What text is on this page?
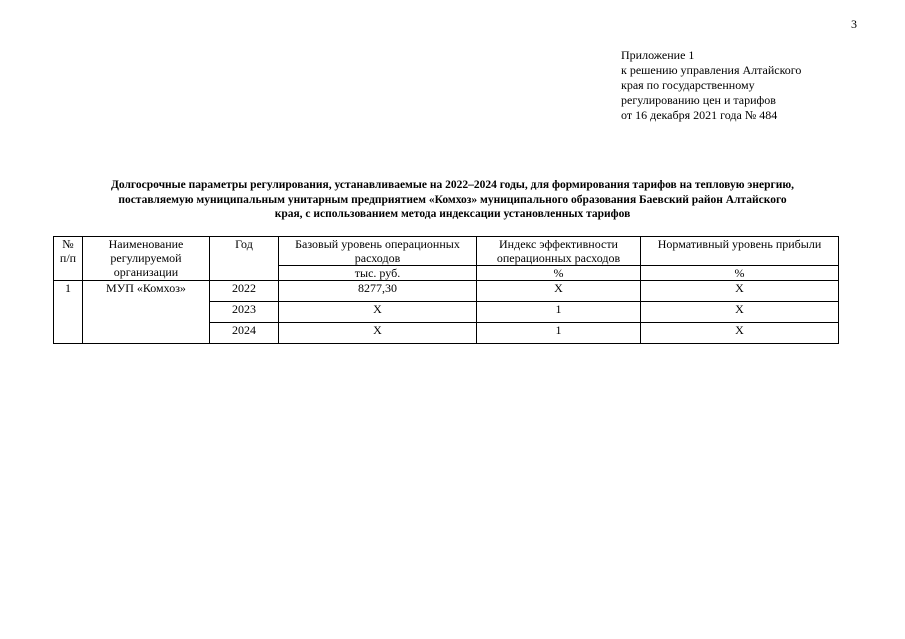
3
Приложение 1
к решению управления Алтайского
края по государственному
регулированию цен и тарифов
от 16 декабря 2021 года № 484
Долгосрочные параметры регулирования, устанавливаемые на 2022–2024 годы, для формирования тарифов на тепловую энергию,
поставляемую муниципальным унитарным предприятием «Комхоз» муниципального образования Баевский район Алтайского
края, с использованием метода индексации установленных тарифов
№ п/п	Наименование регулируемой организации	Год	Базовый уровень операционных расходов	Индекс эффективности операционных расходов	Нормативный уровень прибыли
			тыс. руб.	%	%
1	МУП «Комхоз»	2022	8277,30	Х	Х
		2023	Х	1	Х
		2024	Х	1	Х
